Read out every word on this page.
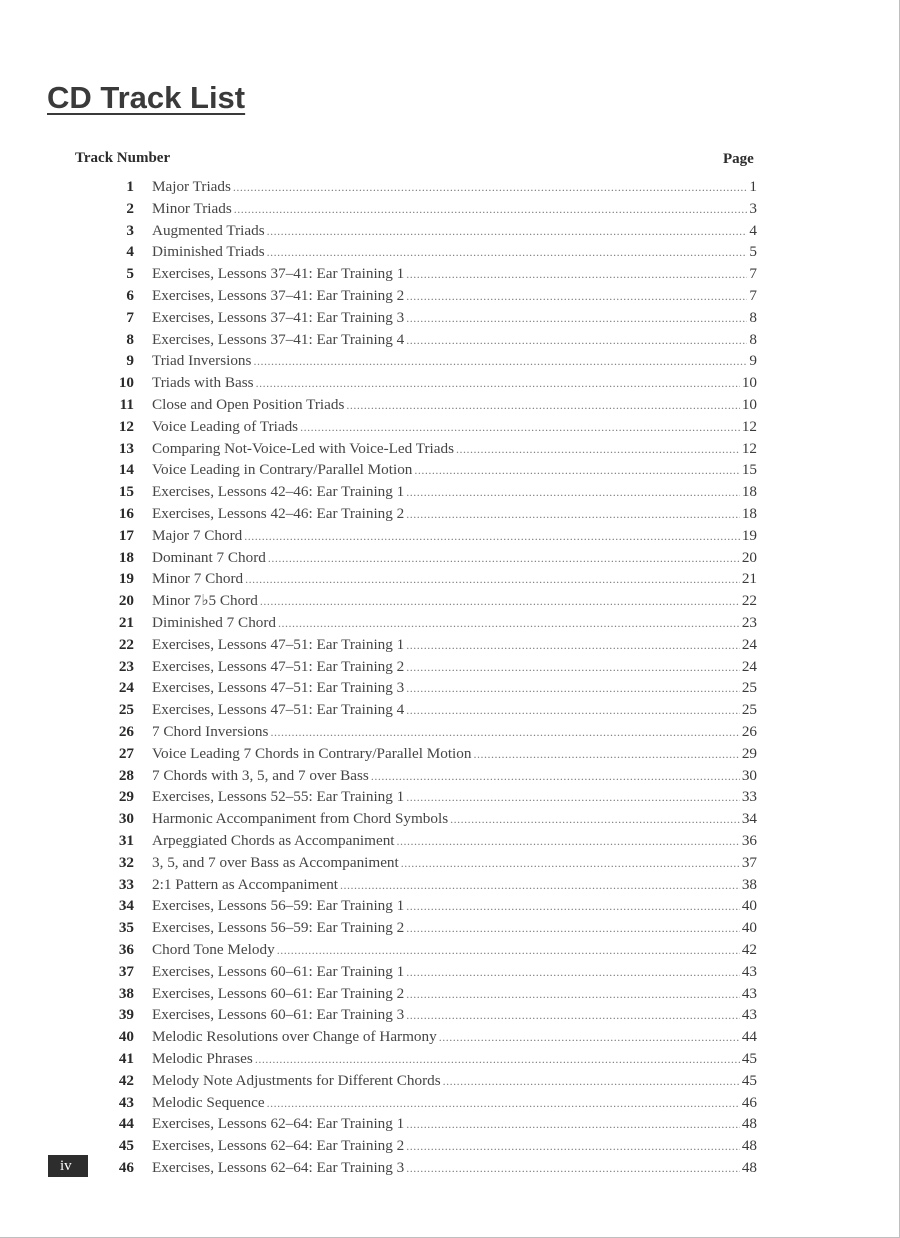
CD Track List
Track Number	Page
1 Major Triads .....	1
2 Minor Triads .....	3
3 Augmented Triads .....	4
4 Diminished Triads .....	5
5 Exercises, Lessons 37–41: Ear Training 1 .....	7
6 Exercises, Lessons 37–41: Ear Training 2 .....	7
7 Exercises, Lessons 37–41: Ear Training 3 .....	8
8 Exercises, Lessons 37–41: Ear Training 4 .....	8
9 Triad Inversions .....	9
10 Triads with Bass .....	10
11 Close and Open Position Triads .....	10
12 Voice Leading of Triads .....	12
13 Comparing Not-Voice-Led with Voice-Led Triads .....	12
14 Voice Leading in Contrary/Parallel Motion .....	15
15 Exercises, Lessons 42–46: Ear Training 1 .....	18
16 Exercises, Lessons 42–46: Ear Training 2 .....	18
17 Major 7 Chord .....	19
18 Dominant 7 Chord .....	20
19 Minor 7 Chord .....	21
20 Minor 7♭5 Chord .....	22
21 Diminished 7 Chord .....	23
22 Exercises, Lessons 47–51: Ear Training 1 .....	24
23 Exercises, Lessons 47–51: Ear Training 2 .....	24
24 Exercises, Lessons 47–51: Ear Training 3 .....	25
25 Exercises, Lessons 47–51: Ear Training 4 .....	25
26 7 Chord Inversions .....	26
27 Voice Leading 7 Chords in Contrary/Parallel Motion .....	29
28 7 Chords with 3, 5, and 7 over Bass .....	30
29 Exercises, Lessons 52–55: Ear Training 1 .....	33
30 Harmonic Accompaniment from Chord Symbols .....	34
31 Arpeggiated Chords as Accompaniment .....	36
32 3, 5, and 7 over Bass as Accompaniment .....	37
33 2:1 Pattern as Accompaniment .....	38
34 Exercises, Lessons 56–59: Ear Training 1 .....	40
35 Exercises, Lessons 56–59: Ear Training 2 .....	40
36 Chord Tone Melody .....	42
37 Exercises, Lessons 60–61: Ear Training 1 .....	43
38 Exercises, Lessons 60–61: Ear Training 2 .....	43
39 Exercises, Lessons 60–61: Ear Training 3 .....	43
40 Melodic Resolutions over Change of Harmony .....	44
41 Melodic Phrases .....	45
42 Melody Note Adjustments for Different Chords .....	45
43 Melodic Sequence .....	46
44 Exercises, Lessons 62–64: Ear Training 1 .....	48
45 Exercises, Lessons 62–64: Ear Training 2 .....	48
46 Exercises, Lessons 62–64: Ear Training 3 .....	48
iv
